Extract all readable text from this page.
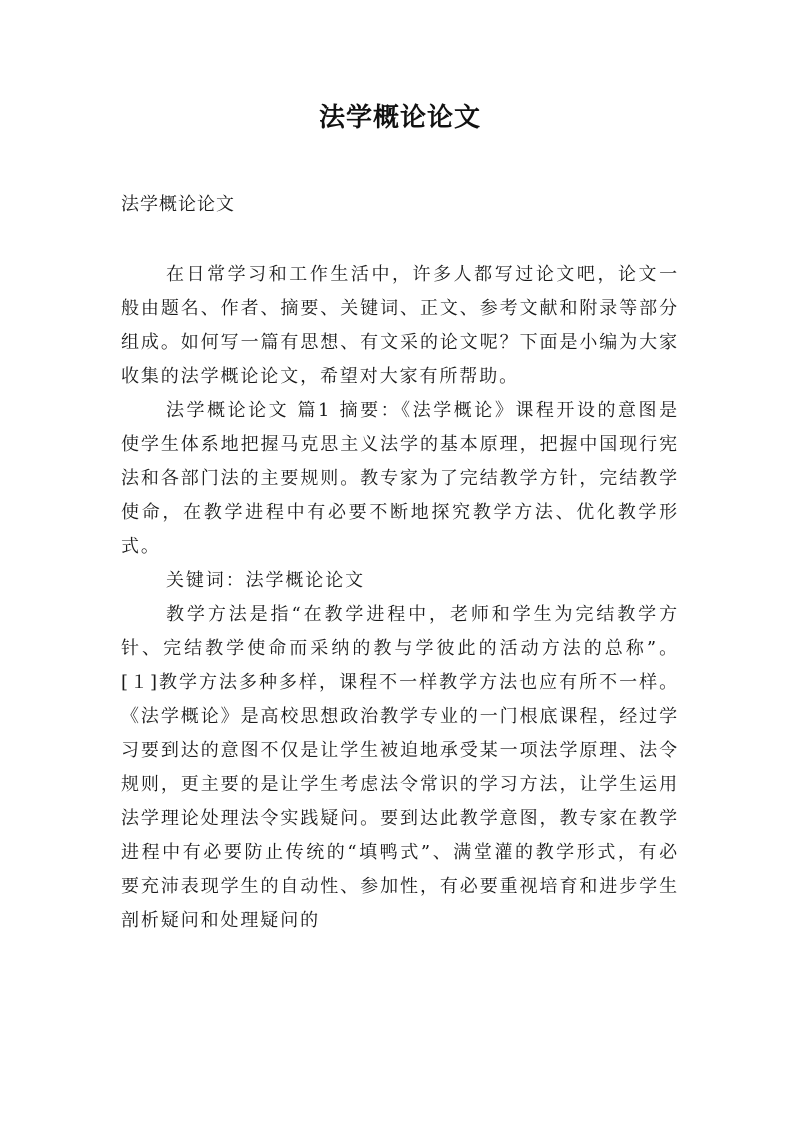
法学概论论文

法学概论论文

在日常学习和工作生活中，许多人都写过论文吧，论文一般由题名、作者、摘要、关键词、正文、参考文献和附录等部分组成。如何写一篇有思想、有文采的论文呢？下面是小编为大家收集的法学概论论文，希望对大家有所帮助。

法学概论论文 篇1 摘要：《法学概论》课程开设的意图是使学生体系地把握马克思主义法学的基本原理，把握中国现行宪法和各部门法的主要规则。教专家为了完结教学方针，完结教学使命，在教学进程中有必要不断地探究教学方法、优化教学形式。

关键词：法学概论论文

教学方法是指“在教学进程中，老师和学生为完结教学方针、完结教学使命而采纳的教与学彼此的活动方法的总称”。[１]教学方法多种多样，课程不一样教学方法也应有所不一样。《法学概论》是高校思想政治教学专业的一门根底课程，经过学习要到达的意图不仅是让学生被迫地承受某一项法学原理、法令规则，更主要的是让学生考虑法令常识的学习方法，让学生运用法学理论处理法令实践疑问。要到达此教学意图，教专家在教学进程中有必要防止传统的“填鸭式”、满堂灌的教学形式，有必要充沛表现学生的自动性、参加性，有必要重视培育和进步学生剖析疑问和处理疑问的
